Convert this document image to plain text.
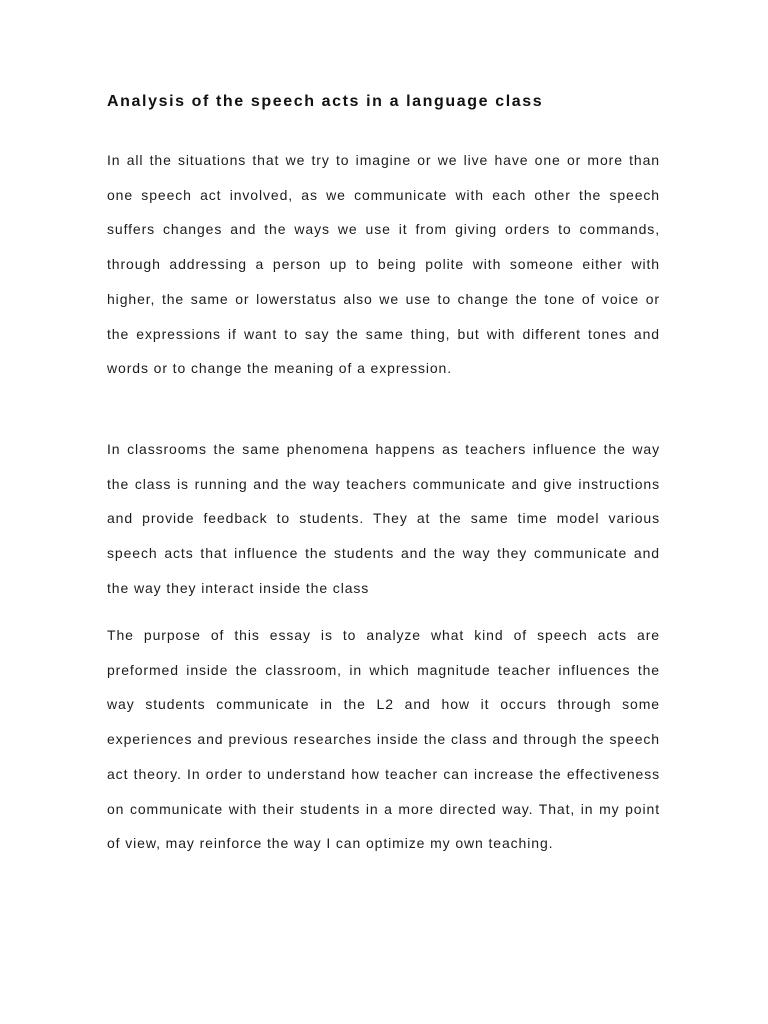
Analysis of the speech acts in a language class

In all the situations that we try to imagine or we live have one or more than one speech act involved, as we communicate with each other the speech suffers changes and the ways we use it from giving orders to commands, through addressing a person up to being polite with someone either with higher, the same or lowerstatus also we use to change the tone of voice or the expressions if want to say the same thing, but with different tones and words or to change the meaning of a expression.

In classrooms the same phenomena happens as teachers influence the way the class is running and the way teachers communicate and give instructions and provide feedback to students. They at the same time model various speech acts that influence the students and the way they communicate and the way they interact inside the class

The purpose of this essay is to analyze what kind of speech acts are preformed inside the classroom, in which magnitude teacher influences the way students communicate in the L2 and how it occurs through some experiences and previous researches inside the class and through the speech act theory. In order to understand how teacher can increase the effectiveness on communicate with their students in a more directed way. That, in my point of view, may reinforce the way I can optimize my own teaching.
